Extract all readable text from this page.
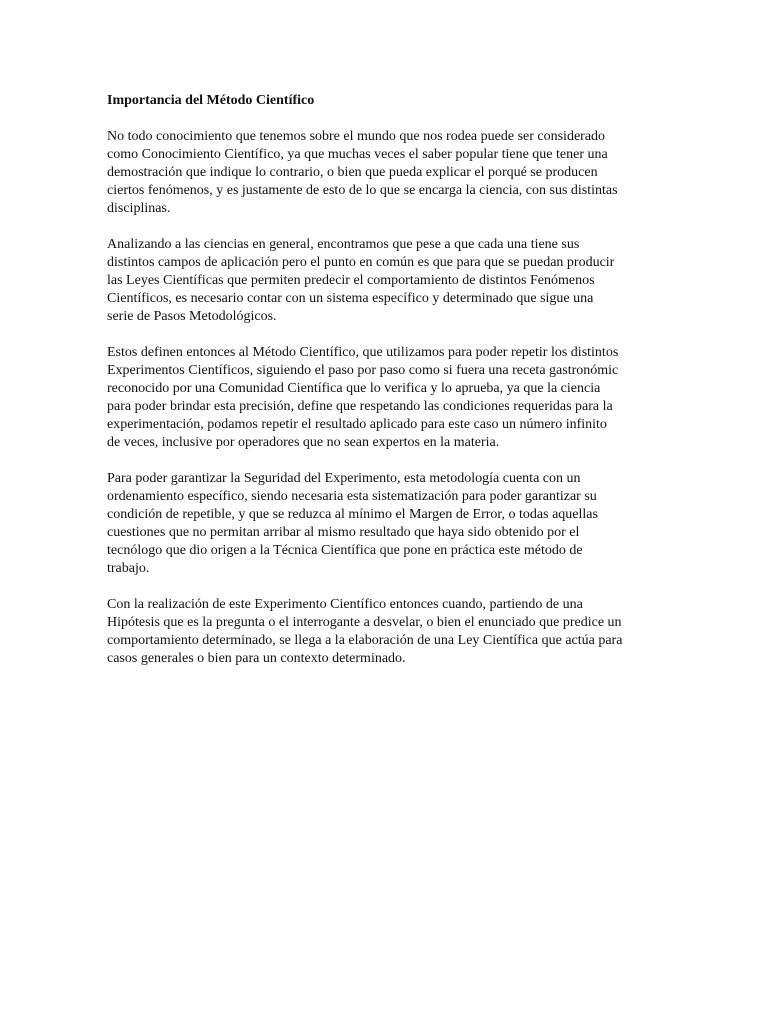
Importancia del Método Científico
No todo conocimiento que tenemos sobre el mundo que nos rodea puede ser considerado
como Conocimiento Científico, ya que muchas veces el saber popular tiene que tener una
demostración que indique lo contrario, o bien que pueda explicar el porqué se producen
ciertos fenómenos, y es justamente de esto de lo que se encarga la ciencia, con sus distintas
disciplinas.
Analizando a las ciencias en general, encontramos que pese a que cada una tiene sus
distintos campos de aplicación pero el punto en común es que para que se puedan producir
las Leyes Científicas que permiten predecir el comportamiento de distintos Fenómenos
Científicos, es necesario contar con un sistema específico y determinado que sigue una
serie de Pasos Metodológicos.
Estos definen entonces al Método Científico, que utilizamos para poder repetir los distintos
Experimentos Científicos, siguiendo el paso por paso como si fuera una receta gastronómic
reconocido por una Comunidad Científica que lo verifica y lo aprueba, ya que la ciencia
para poder brindar esta precisión, define que respetando las condiciones requeridas para la
experimentación, podamos repetir el resultado aplicado para este caso un número infinito
de veces, inclusive por operadores que no sean expertos en la materia.
Para poder garantizar la Seguridad del Experimento, esta metodología cuenta con un
ordenamiento específico, siendo necesaria esta sistematización para poder garantizar su
condición de repetible, y que se reduzca al mínimo el Margen de Error, o todas aquellas
cuestiones que no permitan arribar al mismo resultado que haya sido obtenido por el
tecnólogo que dio origen a la Técnica Científica que pone en práctica este método de
trabajo.
Con la realización de este Experimento Científico entonces cuando, partiendo de una
Hipótesis que es la pregunta o el interrogante a desvelar, o bien el enunciado que predice un
comportamiento determinado, se llega a la elaboración de una Ley Científica que actúa para
casos generales o bien para un contexto determinado.
